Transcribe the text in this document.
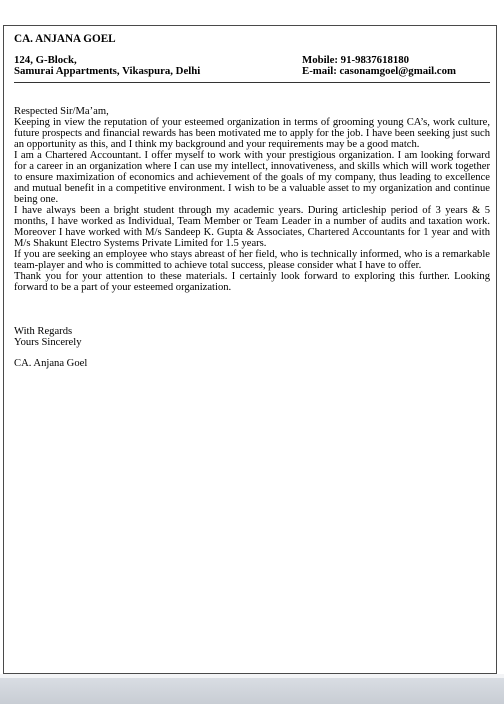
CA. ANJANA GOEL
124, G-Block,
Samurai Appartments, Vikaspura, Delhi
Mobile: 91-9837618180
E-mail: casonamgoel@gmail.com
Respected Sir/Ma’am,

Keeping in view the reputation of your esteemed organization in terms of grooming young CA’s, work culture, future prospects and financial rewards has been motivated me to apply for the job. I have been seeking just such an opportunity as this, and I think my background and your requirements may be a good match.

I am a Chartered Accountant. I offer myself to work with your prestigious organization. I am looking forward for a career in an organization where I can use my intellect, innovativeness, and skills which will work together to ensure maximization of economics and achievement of the goals of my company, thus leading to excellence and mutual benefit in a competitive environment. I wish to be a valuable asset to my organization and continue being one.

I have always been a bright student through my academic years. During articleship period of 3 years & 5 months, I have worked as Individual, Team Member or Team Leader in a number of audits and taxation work. Moreover I have worked with M/s Sandeep K. Gupta & Associates, Chartered Accountants for 1 year and with M/s Shakunt Electro Systems Private Limited for 1.5 years.

If you are seeking an employee who stays abreast of her field, who is technically informed, who is a remarkable team-player and who is committed to achieve total success, please consider what I have to offer.

Thank you for your attention to these materials. I certainly look forward to exploring this further. Looking forward to be a part of your esteemed organization.

With Regards
Yours Sincerely
CA. Anjana Goel
